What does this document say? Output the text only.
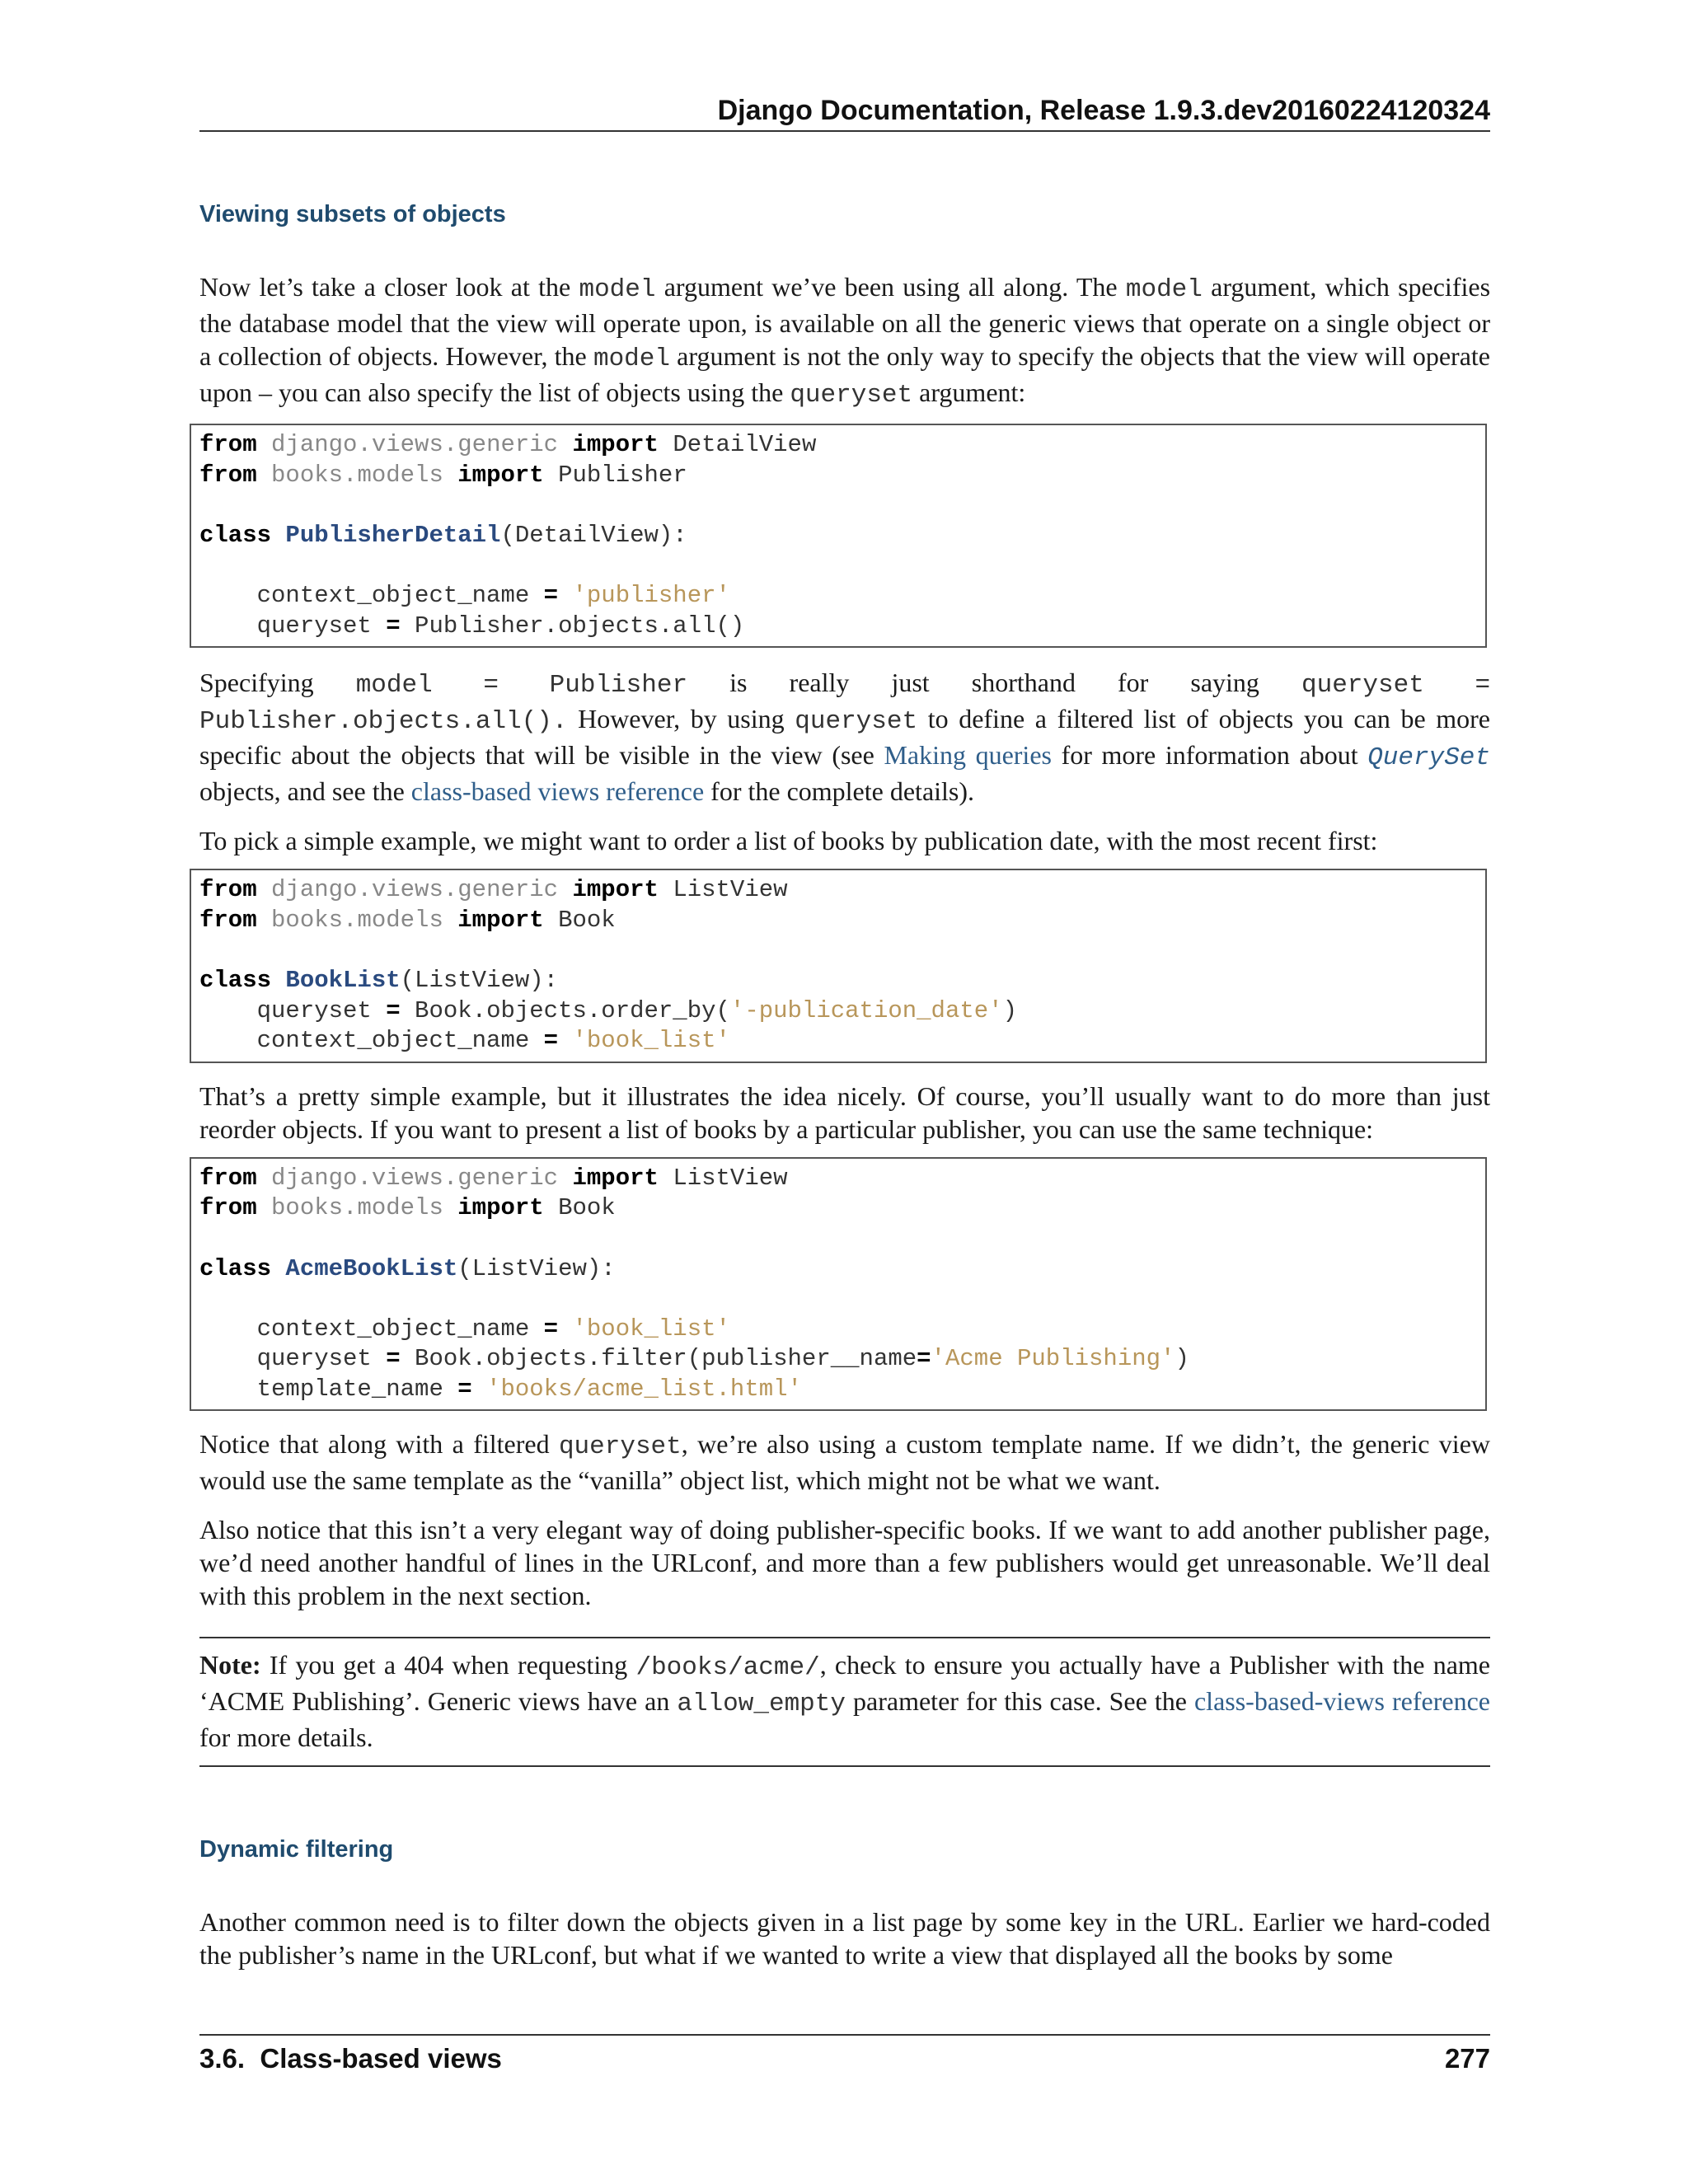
Django Documentation, Release 1.9.3.dev20160224120324
Viewing subsets of objects

Now let’s take a closer look at the model argument we’ve been using all along. The model argument, which specifies the database model that the view will operate upon, is available on all the generic views that operate on a single object or a collection of objects. However, the model argument is not the only way to specify the objects that the view will operate upon – you can also specify the list of objects using the queryset argument:

from django.views.generic import DetailView
from books.models import Publisher
class PublisherDetail(DetailView):
context_object_name = 'publisher'
queryset = Publisher.objects.all()

Specifying model = Publisher is really just shorthand for saying queryset =

Publisher.objects.all(). However, by using queryset to define a filtered list of objects you can be more specific about the objects that will be visible in the view (see Making queries for more information about QuerySet objects, and see the class-based views reference for the complete details).

To pick a simple example, we might want to order a list of books by publication date, with the most recent first:

from django.views.generic import ListView
from books.models import Book
class BookList(ListView):
queryset = Book.objects.order_by('-publication_date')
context_object_name = 'book_list'

That’s a pretty simple example, but it illustrates the idea nicely. Of course, you’ll usually want to do more than just reorder objects. If you want to present a list of books by a particular publisher, you can use the same technique:

from django.views.generic import ListView
from books.models import Book
class AcmeBookList(ListView):
context_object_name = 'book_list'
queryset = Book.objects.filter(publisher__name='Acme Publishing')
template_name = 'books/acme_list.html'

Notice that along with a filtered queryset, we’re also using a custom template name. If we didn’t, the generic view would use the same template as the “vanilla” object list, which might not be what we want.

Also notice that this isn’t a very elegant way of doing publisher-specific books. If we want to add another publisher page, we’d need another handful of lines in the URLconf, and more than a few publishers would get unreasonable. We’ll deal with this problem in the next section.

Note: If you get a 404 when requesting /books/acme/, check to ensure you actually have a Publisher with the name ‘ACME Publishing’. Generic views have an allow_empty parameter for this case. See the class-based-views reference for more details.

Dynamic filtering

Another common need is to filter down the objects given in a list page by some key in the URL. Earlier we hard-coded the publisher’s name in the URLconf, but what if we wanted to write a view that displayed all the books by some

3.6.  Class-based views	277
